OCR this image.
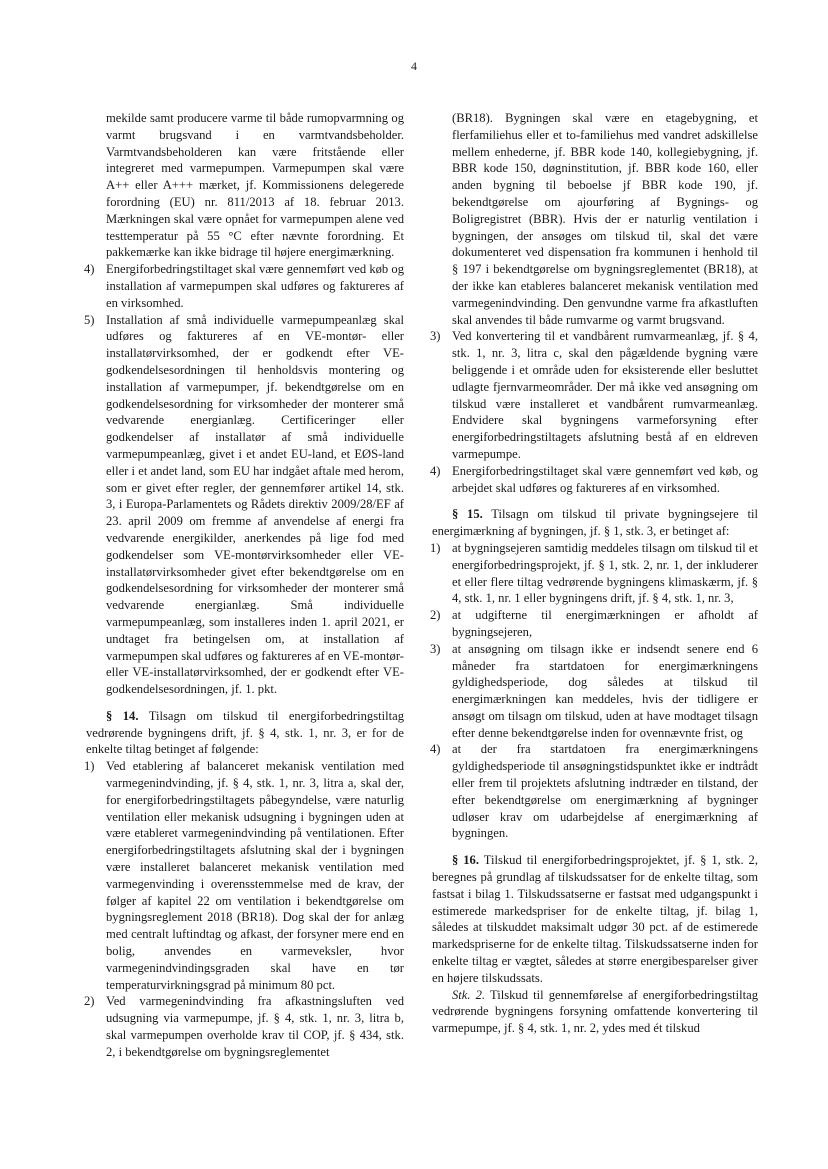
4

mekilde samt producere varme til både rumopvarmning og varmt brugsvand i en varmtvandsbeholder. Varmtvandsbeholderen kan være fritstående eller integreret med varmepumpen. Varmepumpen skal være A++ eller A+++ mærket, jf. Kommissionens delegerede forordning (EU) nr. 811/2013 af 18. februar 2013. Mærkningen skal være opnået for varmepumpen alene ved testtemperatur på 55 °C efter nævnte forordning. Et pakkemærke kan ikke bidrage til højere energimærkning.

4) Energiforbedringstiltaget skal være gennemført ved køb og installation af varmepumpen skal udføres og faktureres af en virksomhed.
5) Installation af små individuelle varmepumpeanlæg skal udføres og faktureres af en VE-montør- eller installatørvirksomhed, der er godkendt efter VE-godkendelsesordningen til henholdsvis montering og installation af varmepumper, jf. bekendtgørelse om en godkendelsesordning for virksomheder der monterer små vedvarende energianlæg. Certificeringer eller godkendelser af installatør af små individuelle varmepumpeanlæg, givet i et andet EU-land, et EØS-land eller i et andet land, som EU har indgået aftale med herom, som er givet efter regler, der gennemfører artikel 14, stk. 3, i Europa-Parlamentets og Rådets direktiv 2009/28/EF af 23. april 2009 om fremme af anvendelse af energi fra vedvarende energikilder, anerkendes på lige fod med godkendelser som VE-montørvirksomheder eller VE-installatørvirksomheder givet efter bekendtgørelse om en godkendelsesordning for virksomheder der monterer små vedvarende energianlæg. Små individuelle varmepumpeanlæg, som installeres inden 1. april 2021, er undtaget fra betingelsen om, at installation af varmepumpen skal udføres og faktureres af en VE-montør- eller VE-installatørvirksomhed, der er godkendt efter VE-godkendelsesordningen, jf. 1. pkt.

§ 14. Tilsagn om tilskud til energiforbedringstiltag vedrørende bygningens drift, jf. § 4, stk. 1, nr. 3, er for de enkelte tiltag betinget af følgende:

1) Ved etablering af balanceret mekanisk ventilation med varmegenindvinding, jf. § 4, stk. 1, nr. 3, litra a, skal der, for energiforbedringstiltagets påbegyndelse, være naturlig ventilation eller mekanisk udsugning i bygningen uden at være etableret varmegenindvinding på ventilationen. Efter energiforbedringstiltagets afslutning skal der i bygningen være installeret balanceret mekanisk ventilation med varmegenvinding i overensstemmelse med de krav, der følger af kapitel 22 om ventilation i bekendtgørelse om bygningsreglement 2018 (BR18). Dog skal der for anlæg med centralt luftindtag og afkast, der forsyner mere end en bolig, anvendes en varmeveksler, hvor varmegenindvindingsgraden skal have en tør temperaturvirkningsgrad på minimum 80 pct.
2) Ved varmegenindvinding fra afkastningsluften ved udsugning via varmepumpe, jf. § 4, stk. 1, nr. 3, litra b, skal varmepumpen overholde krav til COP, jf. § 434, stk. 2, i bekendtgørelse om bygningsreglementet

(BR18). Bygningen skal være en etagebygning, et flerfamiliehus eller et to-familiehus med vandret adskillelse mellem enhederne, jf. BBR kode 140, kollegiebygning, jf. BBR kode 150, døgninstitution, jf. BBR kode 160, eller anden bygning til beboelse jf BBR kode 190, jf. bekendtgørelse om ajourføring af Bygnings- og Boligregistret (BBR). Hvis der er naturlig ventilation i bygningen, der ansøges om tilskud til, skal det være dokumenteret ved dispensation fra kommunen i henhold til § 197 i bekendtgørelse om bygningsreglementet (BR18), at der ikke kan etableres balanceret mekanisk ventilation med varmegenindvinding. Den genvundne varme fra afkastluften skal anvendes til både rumvarme og varmt brugsvand.

3) Ved konvertering til et vandbårent rumvarmeanlæg, jf. § 4, stk. 1, nr. 3, litra c, skal den pågældende bygning være beliggende i et område uden for eksisterende eller besluttet udlagte fjernvarmeområder. Der må ikke ved ansøgning om tilskud være installeret et vandbårent rumvarmeanlæg. Endvidere skal bygningens varmeforsyning efter energiforbedringstiltagets afslutning bestå af en eldreven varmepumpe.
4) Energiforbedringstiltaget skal være gennemført ved køb, og arbejdet skal udføres og faktureres af en virksomhed.

§ 15. Tilsagn om tilskud til private bygningsejere til energimærkning af bygningen, jf. § 1, stk. 3, er betinget af:

1) at bygningsejeren samtidig meddeles tilsagn om tilskud til et energiforbedringsprojekt, jf. § 1, stk. 2, nr. 1, der inkluderer et eller flere tiltag vedrørende bygningens klimaskærm, jf. § 4, stk. 1, nr. 1 eller bygningens drift, jf. § 4, stk. 1, nr. 3,
2) at udgifterne til energimærkningen er afholdt af bygningsejeren,
3) at ansøgning om tilsagn ikke er indsendt senere end 6 måneder fra startdatoen for energimærkningens gyldighedsperiode, dog således at tilskud til energimærkningen kan meddeles, hvis der tidligere er ansøgt om tilsagn om tilskud, uden at have modtaget tilsagn efter denne bekendtgørelse inden for ovennævnte frist, og
4) at der fra startdatoen fra energimærkningens gyldighedsperiode til ansøgningstidspunktet ikke er indtrådt eller frem til projektets afslutning indtræder en tilstand, der efter bekendtgørelse om energimærkning af bygninger udløser krav om udarbejdelse af energimærkning af bygningen.

§ 16. Tilskud til energiforbedringsprojektet, jf. § 1, stk. 2, beregnes på grundlag af tilskudssatser for de enkelte tiltag, som fastsat i bilag 1. Tilskudssatserne er fastsat med udgangspunkt i estimerede markedspriser for de enkelte tiltag, jf. bilag 1, således at tilskuddet maksimalt udgør 30 pct. af de estimerede markedspriserne for de enkelte tiltag. Tilskudssatserne inden for enkelte tiltag er vægtet, således at større energibesparelser giver en højere tilskudssats.

Stk. 2. Tilskud til gennemførelse af energiforbedringstiltag vedrørende bygningens forsyning omfattende konvertering til varmepumpe, jf. § 4, stk. 1, nr. 2, ydes med ét tilskud
